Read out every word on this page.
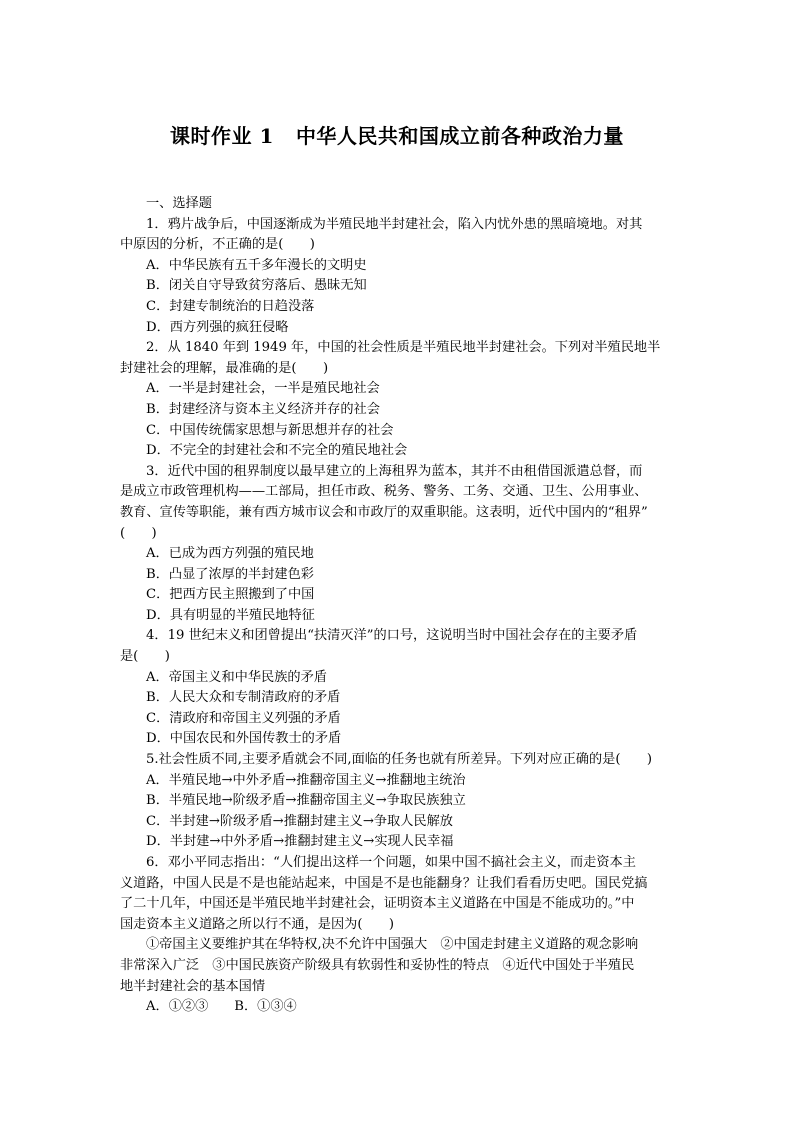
课时作业 1 中华人民共和国成立前各种政治力量
一、选择题
1．鸦片战争后，中国逐渐成为半殖民地半封建社会，陷入内忧外患的黑暗境地。对其
中原因的分析，不正确的是(　　)
A．中华民族有五千多年漫长的文明史
B．闭关自守导致贫穷落后、愚昧无知
C．封建专制统治的日趋没落
D．西方列强的疯狂侵略
2．从 1840 年到 1949 年，中国的社会性质是半殖民地半封建社会。下列对半殖民地半
封建社会的理解，最准确的是(　　)
A．一半是封建社会，一半是殖民地社会
B．封建经济与资本主义经济并存的社会
C．中国传统儒家思想与新思想并存的社会
D．不完全的封建社会和不完全的殖民地社会
3．近代中国的租界制度以最早建立的上海租界为蓝本，其并不由租借国派遣总督，而
是成立市政管理机构——工部局，担任市政、税务、警务、工务、交通、卫生、公用事业、
教育、宣传等职能，兼有西方城市议会和市政厅的双重职能。这表明，近代中国内的“租界”
(　　)
A．已成为西方列强的殖民地
B．凸显了浓厚的半封建色彩
C．把西方民主照搬到了中国
D．具有明显的半殖民地特征
4．19 世纪末义和团曾提出“扶清灭洋”的口号，这说明当时中国社会存在的主要矛盾
是(　　)
A．帝国主义和中华民族的矛盾
B．人民大众和专制清政府的矛盾
C．清政府和帝国主义列强的矛盾
D．中国农民和外国传教士的矛盾
5.社会性质不同,主要矛盾就会不同,面临的任务也就有所差异。下列对应正确的是(　　)
A．半殖民地→中外矛盾→推翻帝国主义→推翻地主统治
B．半殖民地→阶级矛盾→推翻帝国主义→争取民族独立
C．半封建→阶级矛盾→推翻封建主义→争取人民解放
D．半封建→中外矛盾→推翻封建主义→实现人民幸福
6．邓小平同志指出：“人们提出这样一个问题，如果中国不搞社会主义，而走资本主
义道路，中国人民是不是也能站起来，中国是不是也能翻身？让我们看看历史吧。国民党搞
了二十几年，中国还是半殖民地半封建社会，证明资本主义道路在中国是不能成功的。”中
国走资本主义道路之所以行不通，是因为(　　)
①帝国主义要维护其在华特权,决不允许中国强大　②中国走封建主义道路的观念影响
非常深入广泛　③中国民族资产阶级具有软弱性和妥协性的特点　④近代中国处于半殖民
地半封建社会的基本国情
A．①②③ B．①③④
